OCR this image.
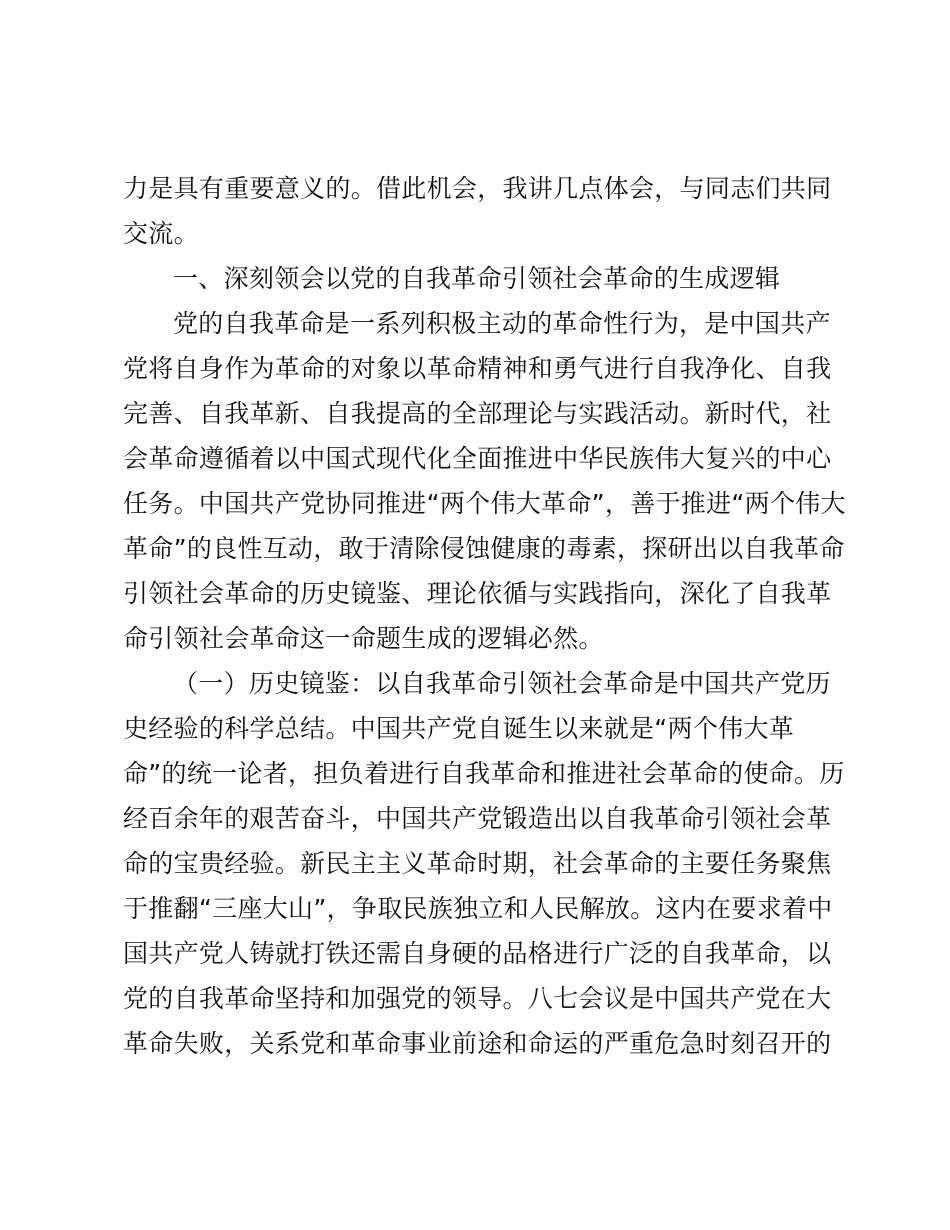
力是具有重要意义的。借此机会，我讲几点体会，与同志们共同
交流。
一、深刻领会以党的自我革命引领社会革命的生成逻辑
党的自我革命是一系列积极主动的革命性行为，是中国共产
党将自身作为革命的对象以革命精神和勇气进行自我净化、自我
完善、自我革新、自我提高的全部理论与实践活动。新时代，社
会革命遵循着以中国式现代化全面推进中华民族伟大复兴的中心
任务。中国共产党协同推进“两个伟大革命”，善于推进“两个伟大
革命”的良性互动，敢于清除侵蚀健康的毒素，探研出以自我革命
引领社会革命的历史镜鉴、理论依循与实践指向，深化了自我革
命引领社会革命这一命题生成的逻辑必然。
（一）历史镜鉴：以自我革命引领社会革命是中国共产党历
史经验的科学总结。中国共产党自诞生以来就是“两个伟大革
命”的统一论者，担负着进行自我革命和推进社会革命的使命。历
经百余年的艰苦奋斗，中国共产党锻造出以自我革命引领社会革
命的宝贵经验。新民主主义革命时期，社会革命的主要任务聚焦
于推翻“三座大山”，争取民族独立和人民解放。这内在要求着中
国共产党人铸就打铁还需自身硬的品格进行广泛的自我革命，以
党的自我革命坚持和加强党的领导。八七会议是中国共产党在大
革命失败，关系党和革命事业前途和命运的严重危急时刻召开的
